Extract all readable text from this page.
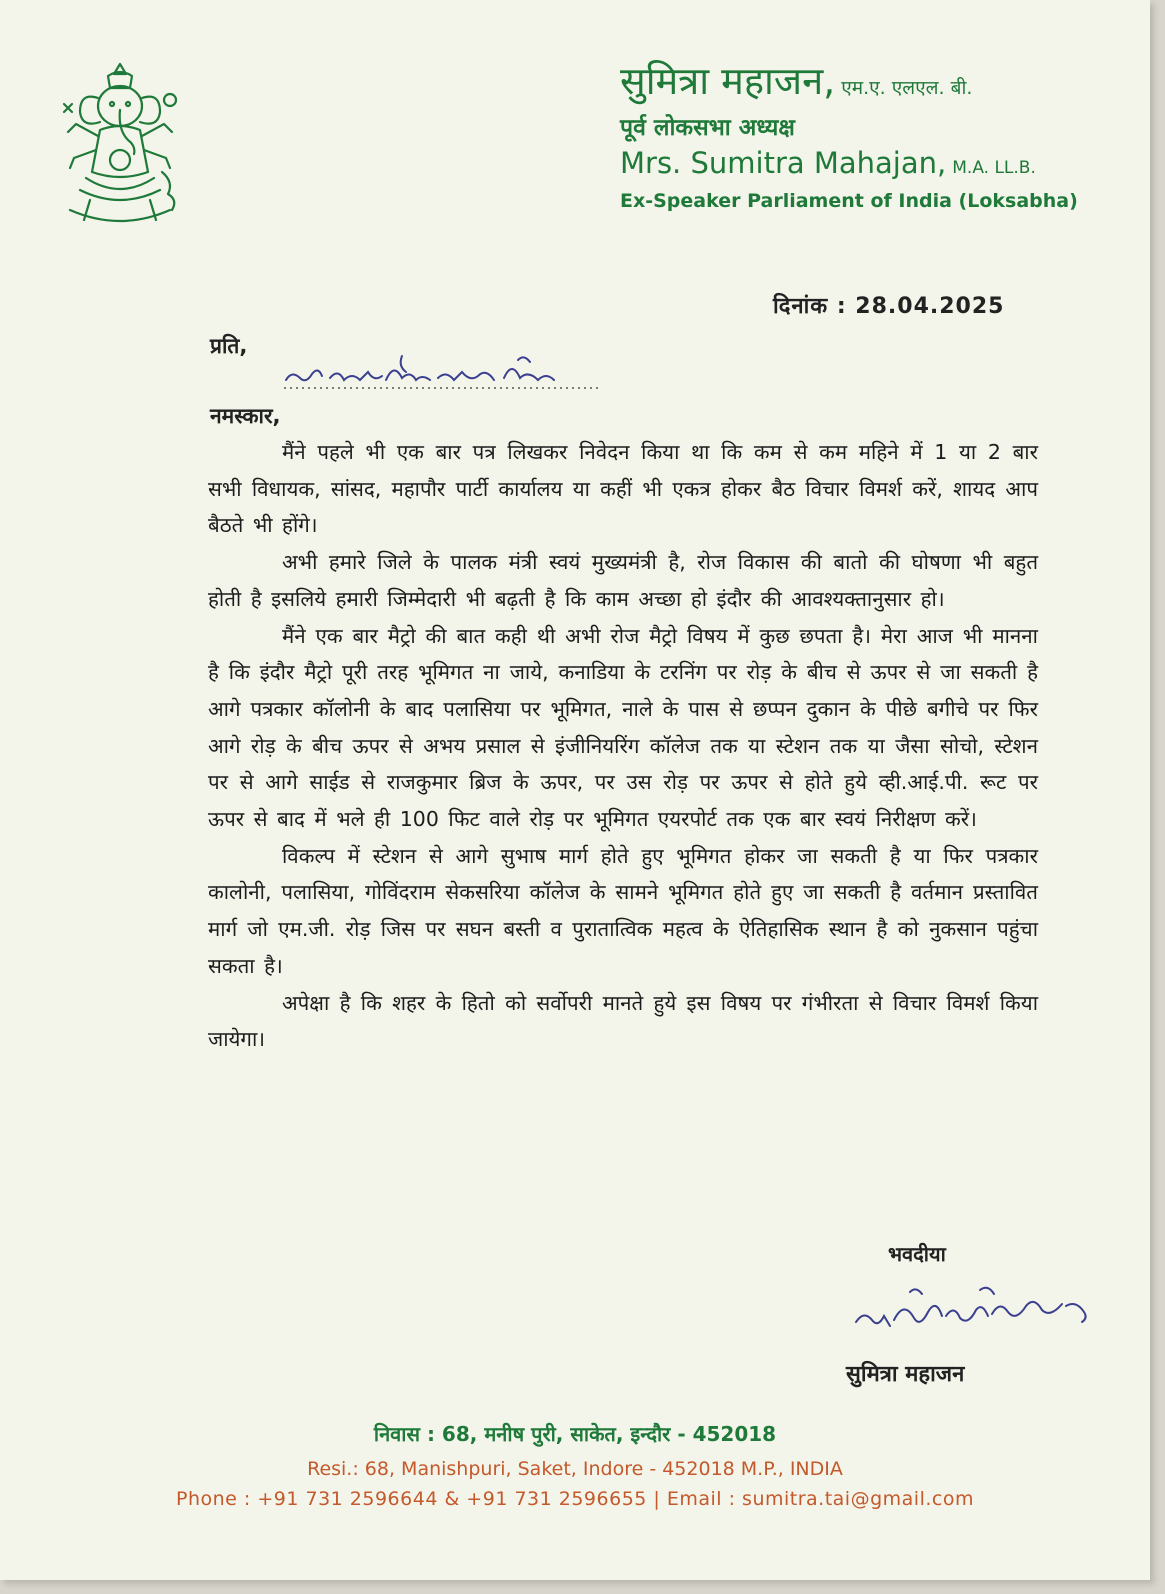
सुमित्रा महाजन, एम.ए. एलएल. बी.
पूर्व लोकसभा अध्यक्ष
Mrs. Sumitra Mahajan, M.A. LL.B.
Ex-Speaker Parliament of India (Loksabha)
दिनांक : 28.04.2025
प्रति,
नमस्कार,

मैंने पहले भी एक बार पत्र लिखकर निवेदन किया था कि कम से कम महिने में 1 या 2 बार सभी विधायक, सांसद, महापौर पार्टी कार्यालय या कहीं भी एकत्र होकर बैठ विचार विमर्श करें, शायद आप बैठते भी होंगे।

अभी हमारे जिले के पालक मंत्री स्वयं मुख्यमंत्री है, रोज विकास की बातो की घोषणा भी बहुत होती है इसलिये हमारी जिम्मेदारी भी बढ़ती है कि काम अच्छा हो इंदौर की आवश्यक्तानुसार हो।

मैंने एक बार मैट्रो की बात कही थी अभी रोज मैट्रो विषय में कुछ छपता है। मेरा आज भी मानना है कि इंदौर मैट्रो पूरी तरह भूमिगत ना जाये, कनाडिया के टरनिंग पर रोड़ के बीच से ऊपर से जा सकती है आगे पत्रकार कॉलोनी के बाद पलासिया पर भूमिगत, नाले के पास से छप्पन दुकान के पीछे बगीचे पर फिर आगे रोड़ के बीच ऊपर से अभय प्रसाल से इंजीनियरिंग कॉलेज तक या स्टेशन तक या जैसा सोचो, स्टेशन पर से आगे साईड से राजकुमार ब्रिज के ऊपर, पर उस रोड़ पर ऊपर से होते हुये व्ही.आई.पी. रूट पर ऊपर से बाद में भले ही 100 फिट वाले रोड़ पर भूमिगत एयरपोर्ट तक एक बार स्वयं निरीक्षण करें।

विकल्प में स्टेशन से आगे सुभाष मार्ग होते हुए भूमिगत होकर जा सकती है या फिर पत्रकार कालोनी, पलासिया, गोविंदराम सेकसरिया कॉलेज के सामने भूमिगत होते हुए जा सकती है वर्तमान प्रस्तावित मार्ग जो एम.जी. रोड़ जिस पर सघन बस्ती व पुरातात्विक महत्व के ऐतिहासिक स्थान है को नुकसान पहुंचा सकता है।

अपेक्षा है कि शहर के हितो को सर्वोपरी मानते हुये इस विषय पर गंभीरता से विचार विमर्श किया जायेगा।

भवदीया
सुमित्रा महाजन
निवास : 68, मनीष पुरी, साकेत, इन्दौर - 452018
Resi.: 68, Manishpuri, Saket, Indore - 452018 M.P., INDIA
Phone : +91 731 2596644 & +91 731 2596655 | Email : sumitra.tai@gmail.com
